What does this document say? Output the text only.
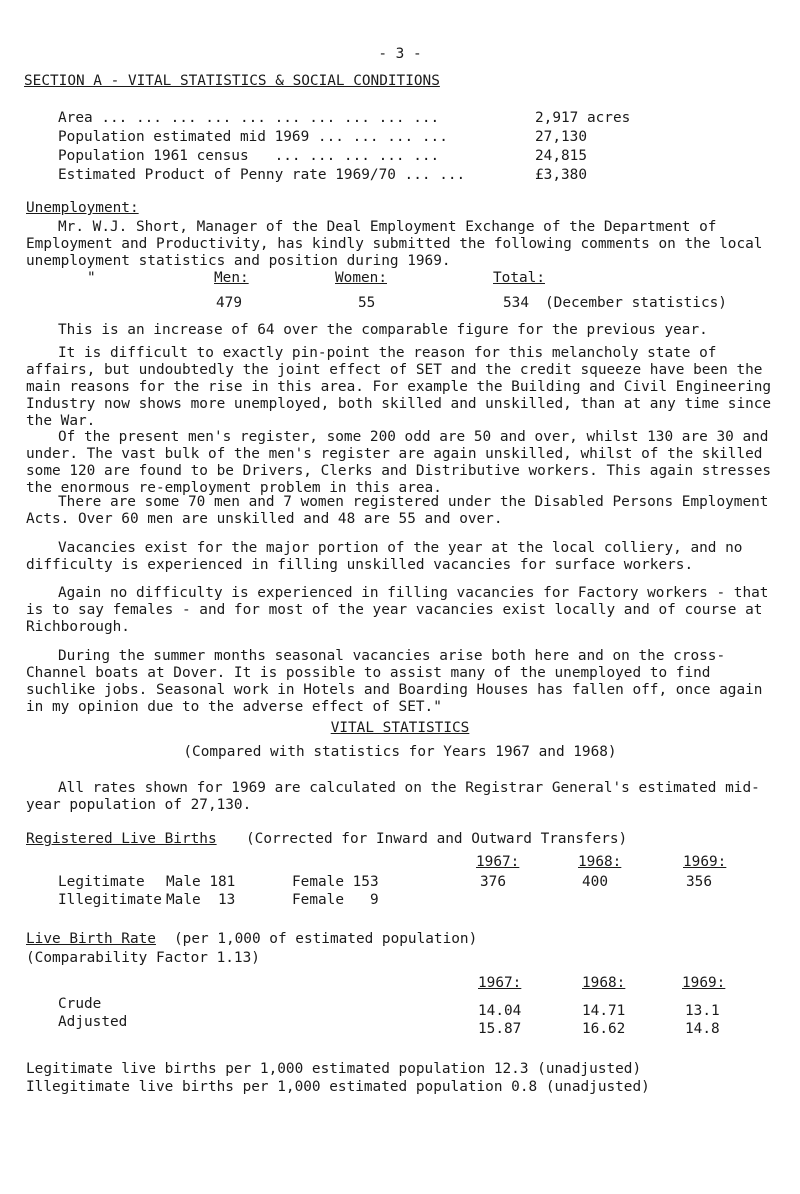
- 3 -
SECTION A - VITAL STATISTICS & SOCIAL CONDITIONS
Area ... ... ... ... ... ... ... ... ... ...	2,917 acres
Population estimated mid 1969 ... ... ... ...	27,130
Population 1961 census   ... ... ... ... ...	24,815
Estimated Product of Penny rate 1969/70 ... ...	£3,380
Unemployment:
Mr. W.J. Short, Manager of the Deal Employment Exchange of the Department of Employment and Productivity, has kindly submitted the following comments on the local unemployment statistics and position during 1969.
"	Men:	Women:	Total:
479	55	534 (December statistics)
This is an increase of 64 over the comparable figure for the previous year.
It is difficult to exactly pin-point the reason for this melancholy state of affairs, but undoubtedly the joint effect of SET and the credit squeeze have been the main reasons for the rise in this area. For example the Building and Civil Engineering Industry now shows more unemployed, both skilled and unskilled, than at any time since the War.
Of the present men's register, some 200 odd are 50 and over, whilst 130 are 30 and under. The vast bulk of the men's register are again unskilled, whilst of the skilled some 120 are found to be Drivers, Clerks and Distributive workers. This again stresses the enormous re-employment problem in this area.
There are some 70 men and 7 women registered under the Disabled Persons Employment Acts. Over 60 men are unskilled and 48 are 55 and over.
Vacancies exist for the major portion of the year at the local colliery, and no difficulty is experienced in filling unskilled vacancies for surface workers.
Again no difficulty is experienced in filling vacancies for Factory workers - that is to say females - and for most of the year vacancies exist locally and of course at Richborough.
During the summer months seasonal vacancies arise both here and on the cross-Channel boats at Dover. It is possible to assist many of the unemployed to find suchlike jobs. Seasonal work in Hotels and Boarding Houses has fallen off, once again in my opinion due to the adverse effect of SET."
VITAL STATISTICS
(Compared with statistics for Years 1967 and 1968)
All rates shown for 1969 are calculated on the Registrar General's estimated mid-year population of 27,130.
Registered Live Births (Corrected for Inward and Outward Transfers)
1967:	1968:	1969:
Legitimate Male 181	Female 153	376	400	356
Illegitimate Male  13	Female   9
Live Birth Rate (per 1,000 of estimated population)
(Comparability Factor 1.13)
1967:	1968:	1969:
Crude	14.04	14.71	13.1
Adjusted	15.87	16.62	14.8
Legitimate live births per 1,000 estimated population 12.3 (unadjusted)
Illegitimate live births per 1,000 estimated population 0.8 (unadjusted)
